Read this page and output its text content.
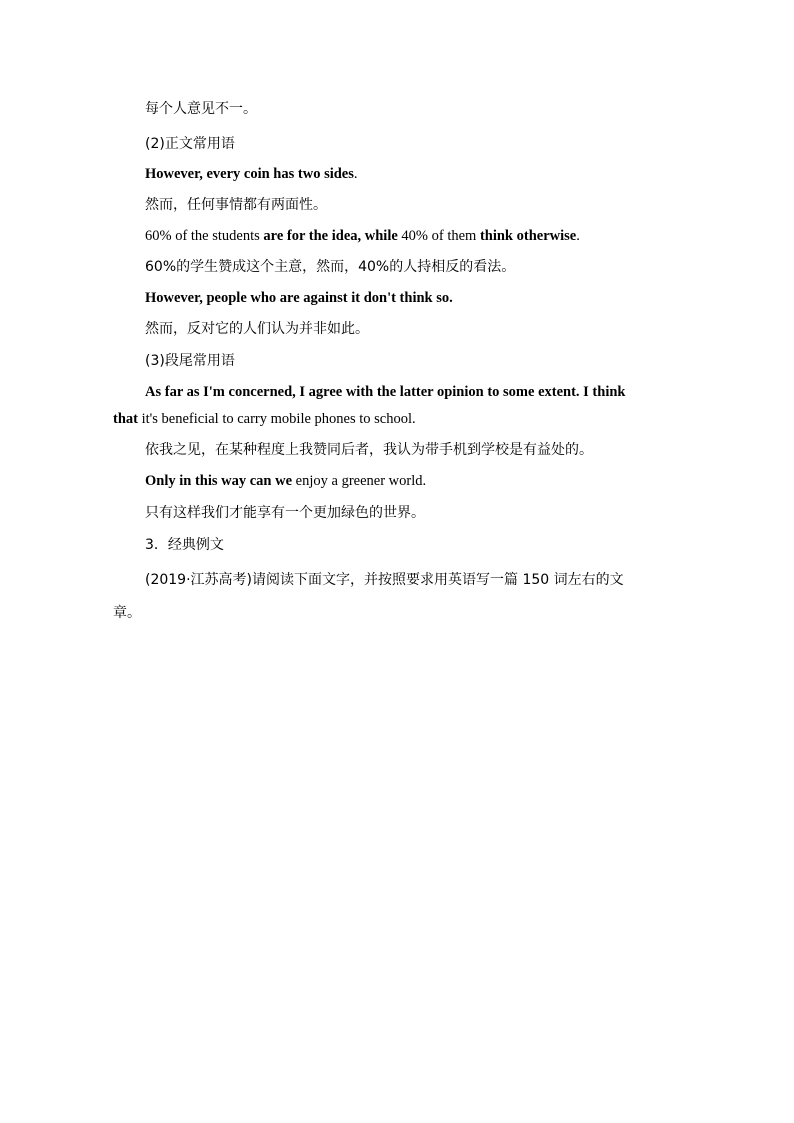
每个人意见不一。
(2)正文常用语
However, every coin has two sides.
然而，任何事情都有两面性。
60% of the students are for the idea, while 40% of them think otherwise.
60%的学生赞成这个主意，然而，40%的人持相反的看法。
However, people who are against it don't think so.
然而，反对它的人们认为并非如此。
(3)段尾常用语
As far as I'm concerned, I agree with the latter opinion to some extent. I think
that it's beneficial to carry mobile phones to school.
依我之见，在某种程度上我赞同后者，我认为带手机到学校是有益处的。
Only in this way can we enjoy a greener world.
只有这样我们才能享有一个更加绿色的世界。
3．经典例文
(2019·江苏高考)请阅读下面文字，并按照要求用英语写一篇 150 词左右的文
章。
